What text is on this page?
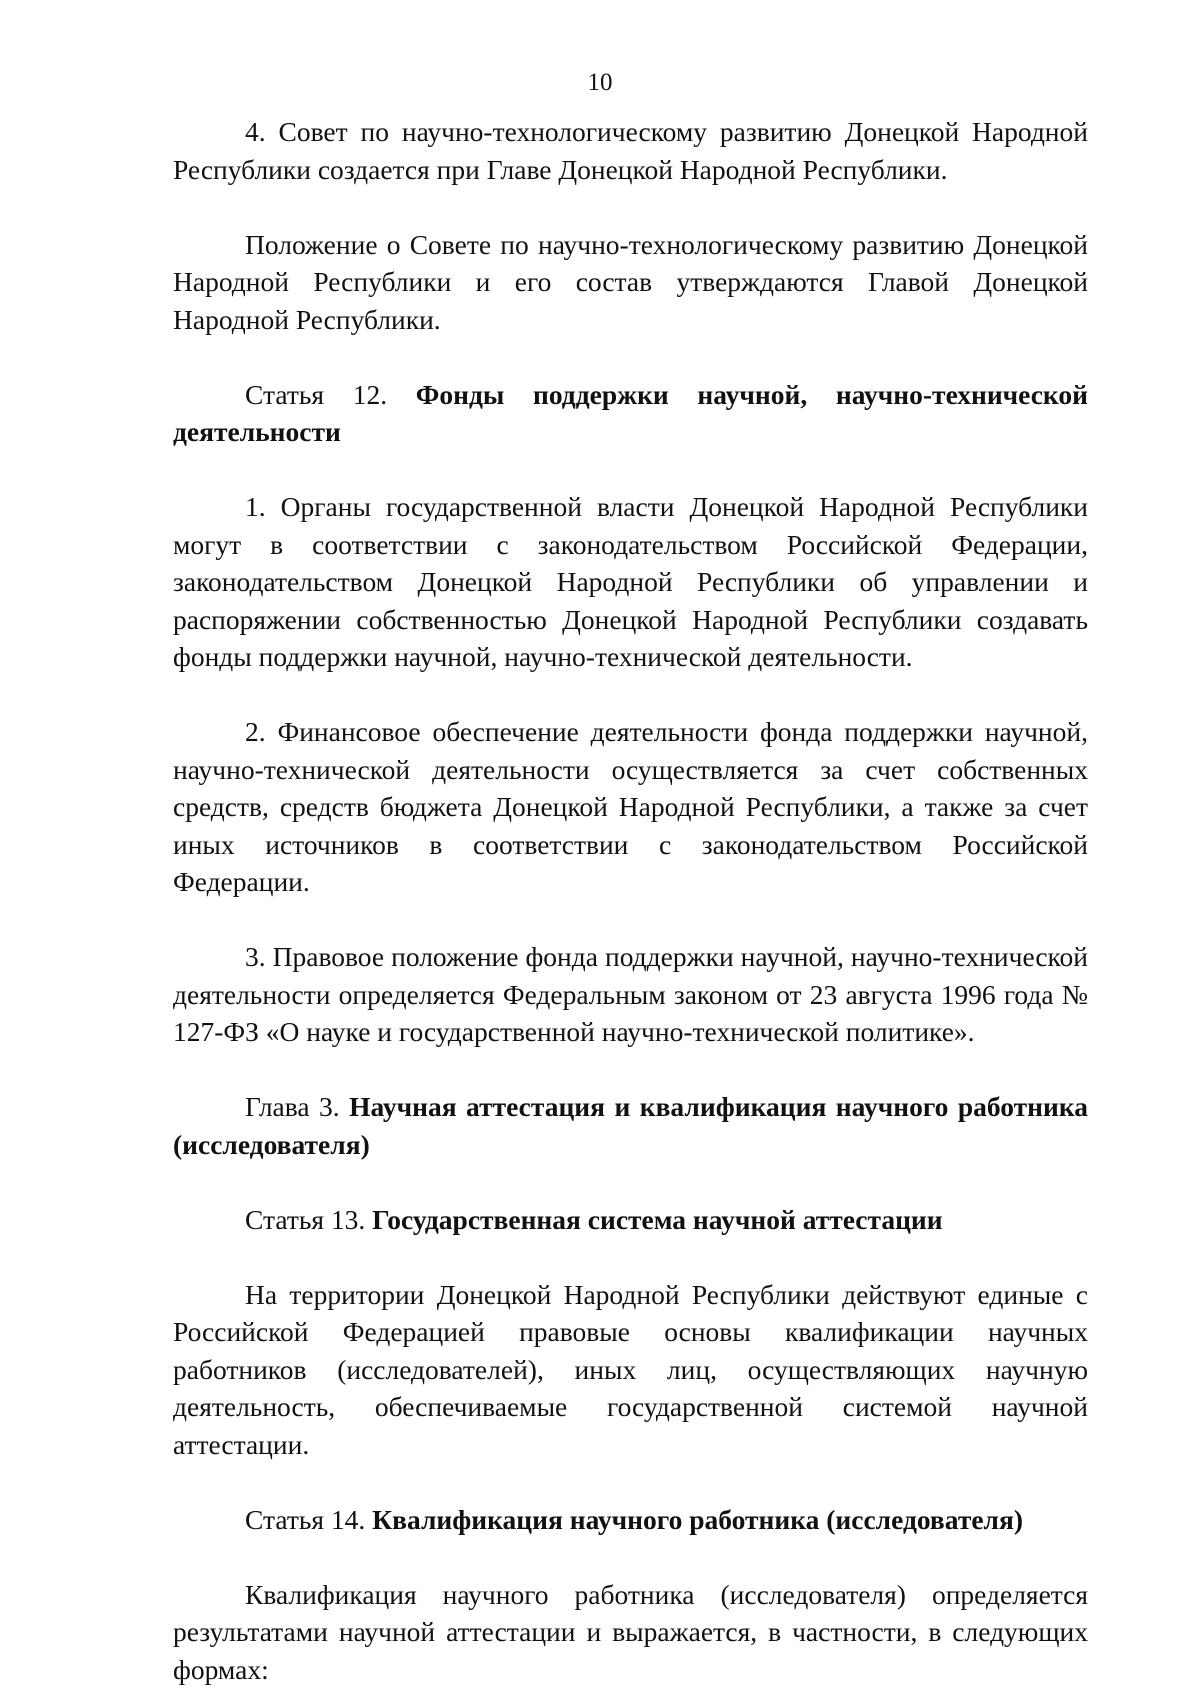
10

4. Совет по научно-технологическому развитию Донецкой Народной Республики создается при Главе Донецкой Народной Республики.

Положение о Совете по научно-технологическому развитию Донецкой Народной Республики и его состав утверждаются Главой Донецкой Народной Республики.

Статья 12. Фонды поддержки научной, научно-технической деятельности

1. Органы государственной власти Донецкой Народной Республики могут в соответствии с законодательством Российской Федерации, законодательством Донецкой Народной Республики об управлении и распоряжении собственностью Донецкой Народной Республики создавать фонды поддержки научной, научно-технической деятельности.

2. Финансовое обеспечение деятельности фонда поддержки научной, научно-технической деятельности осуществляется за счет собственных средств, средств бюджета Донецкой Народной Республики, а также за счет иных источников в соответствии с законодательством Российской Федерации.

3. Правовое положение фонда поддержки научной, научно-технической деятельности определяется Федеральным законом от 23 августа 1996 года № 127-ФЗ «О науке и государственной научно-технической политике».

Глава 3. Научная аттестация и квалификация научного работника (исследователя)

Статья 13. Государственная система научной аттестации

На территории Донецкой Народной Республики действуют единые с Российской Федерацией правовые основы квалификации научных работников (исследователей), иных лиц, осуществляющих научную деятельность, обеспечиваемые государственной системой научной аттестации.

Статья 14. Квалификация научного работника (исследователя)

Квалификация научного работника (исследователя) определяется результатами научной аттестации и выражается, в частности, в следующих формах:
